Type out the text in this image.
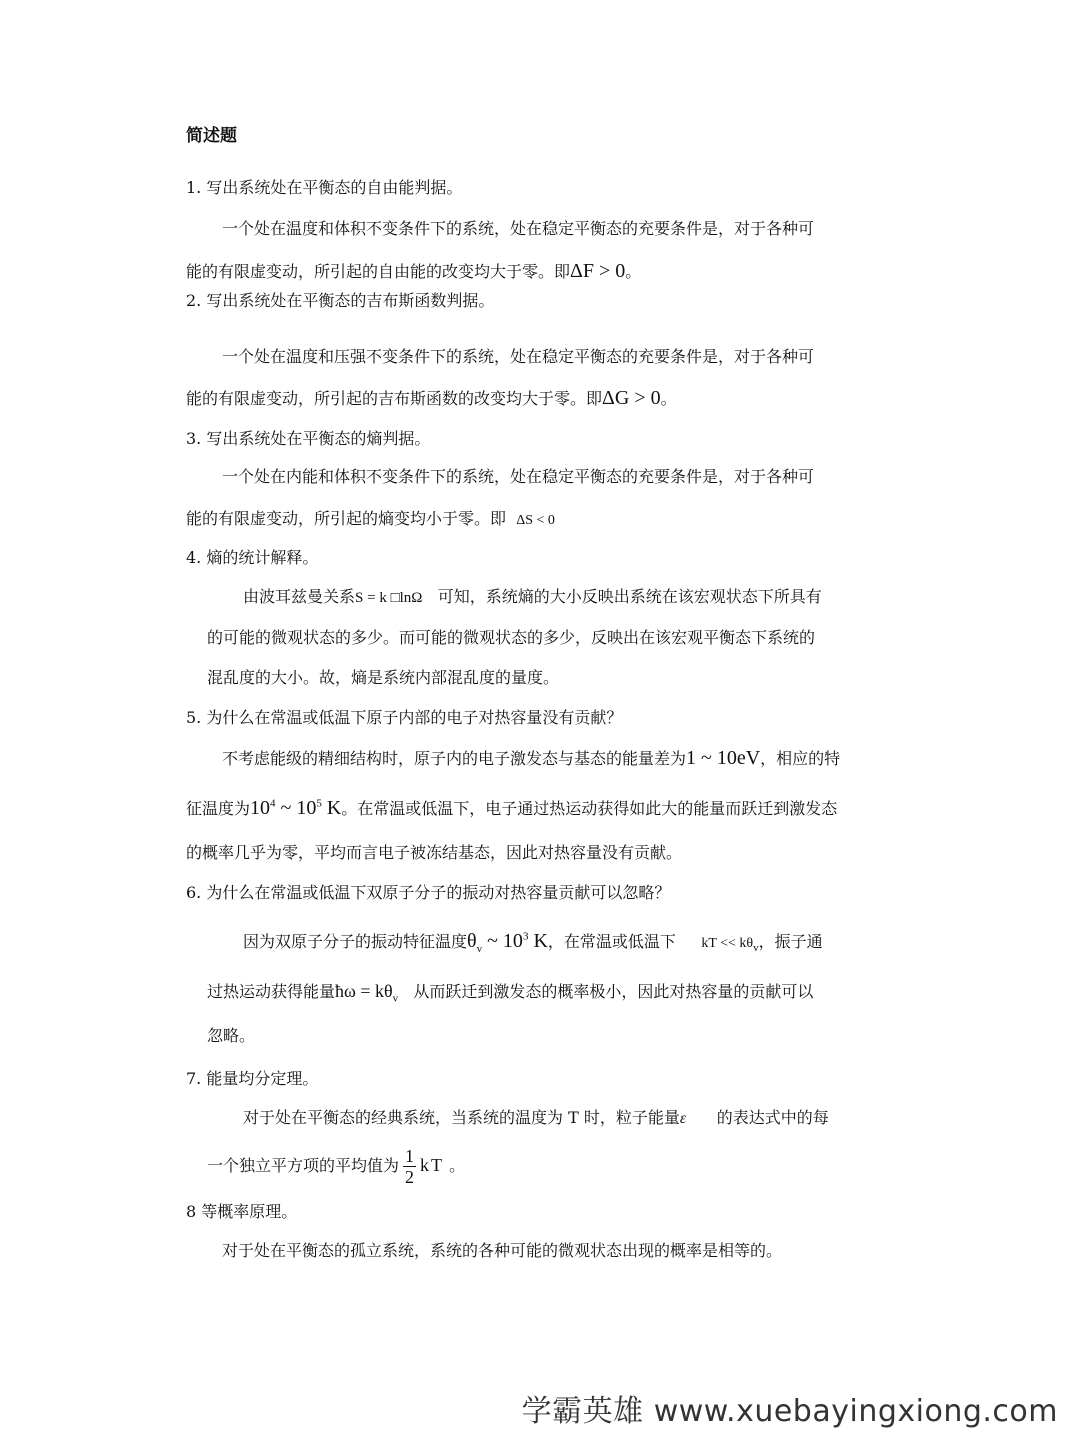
简述题
1. 写出系统处在平衡态的自由能判据。
一个处在温度和体积不变条件下的系统，处在稳定平衡态的充要条件是，对于各种可
能的有限虚变动，所引起的自由能的改变均大于零。即ΔF > 0。
2. 写出系统处在平衡态的吉布斯函数判据。
一个处在温度和压强不变条件下的系统，处在稳定平衡态的充要条件是，对于各种可
能的有限虚变动，所引起的吉布斯函数的改变均大于零。即ΔG > 0。
3. 写出系统处在平衡态的熵判据。
一个处在内能和体积不变条件下的系统，处在稳定平衡态的充要条件是，对于各种可
能的有限虚变动，所引起的熵变均小于零。即 ΔS < 0
4. 熵的统计解释。
由波耳兹曼关系S = k □lnΩ 可知，系统熵的大小反映出系统在该宏观状态下所具有
的可能的微观状态的多少。而可能的微观状态的多少，反映出在该宏观平衡态下系统的
混乱度的大小。故，熵是系统内部混乱度的量度。
5. 为什么在常温或低温下原子内部的电子对热容量没有贡献？
不考虑能级的精细结构时，原子内的电子激发态与基态的能量差为1 ~ 10eV，相应的特
征温度为$10^4$ ~ $10^5$ K。在常温或低温下，电子通过热运动获得如此大的能量而跃迁到激发态
的概率几乎为零，平均而言电子被冻结基态，因此对热容量没有贡献。
6. 为什么在常温或低温下双原子分子的振动对热容量贡献可以忽略？
因为双原子分子的振动特征温度$\theta_v$ ~ $10^3$ K，在常温或低温下 kT << $k\theta_v$，振子通
过热运动获得能量ħω = $k\theta_v$ 从而跃迁到激发态的概率极小，因此对热容量的贡献可以
忽略。
7. 能量均分定理。
对于处在平衡态的经典系统，当系统的温度为 T 时，粒子能量ε 的表达式中的每
一个独立平方项的平均值为 $\frac{1}{2}$ kT 。
8 等概率原理。
对于处在平衡态的孤立系统，系统的各种可能的微观状态出现的概率是相等的。
学霸英雄 www.xuebayingxiong.com
